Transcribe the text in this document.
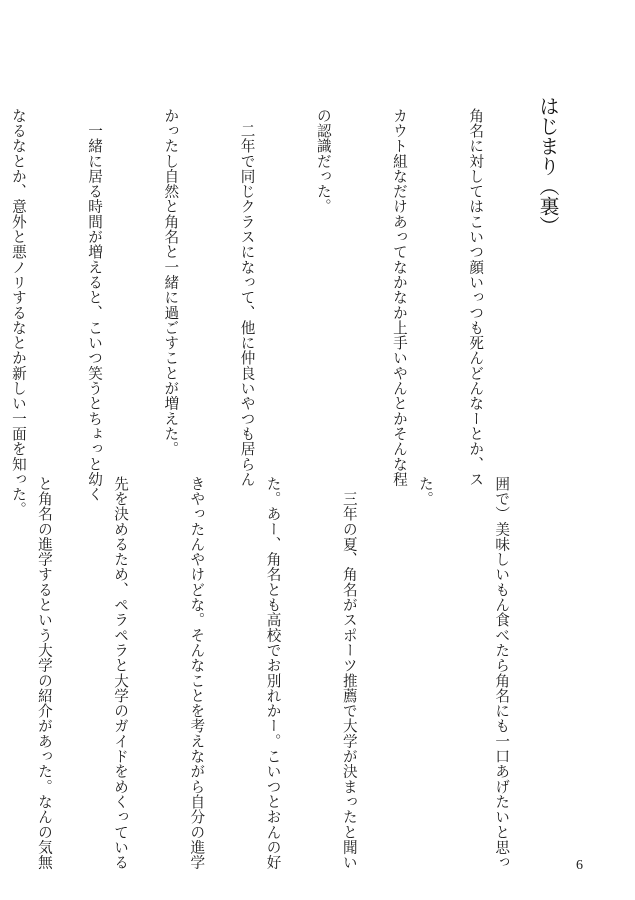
はじまり（裏）

角名に対してはこいつ顔いっつも死んどんなーとか、ス

カウト組なだけあってなかなか上手いやんとかそんな程

の認識だった。

　二年で同じクラスになって、他に仲良いやつも居らん

かったし自然と角名と一緒に過ごすことが増えた。

　一緒に居る時間が増えると、こいつ笑うとちょっと幼く

なるなとか、意外と悪ノリするなとか新しい一面を知った。

囲で）美味しいもん食べたら角名にも一口あげたいと思っ

た。

　三年の夏、角名がスポーツ推薦で大学が決まったと聞い

た。あー、角名とも高校でお別れかー。こいつとおんの好

きやったんやけどな。そんなことを考えながら自分の進学

先を決めるため、ペラペラと大学のガイドをめくっている

と角名の進学するという大学の紹介があった。なんの気無

	6
